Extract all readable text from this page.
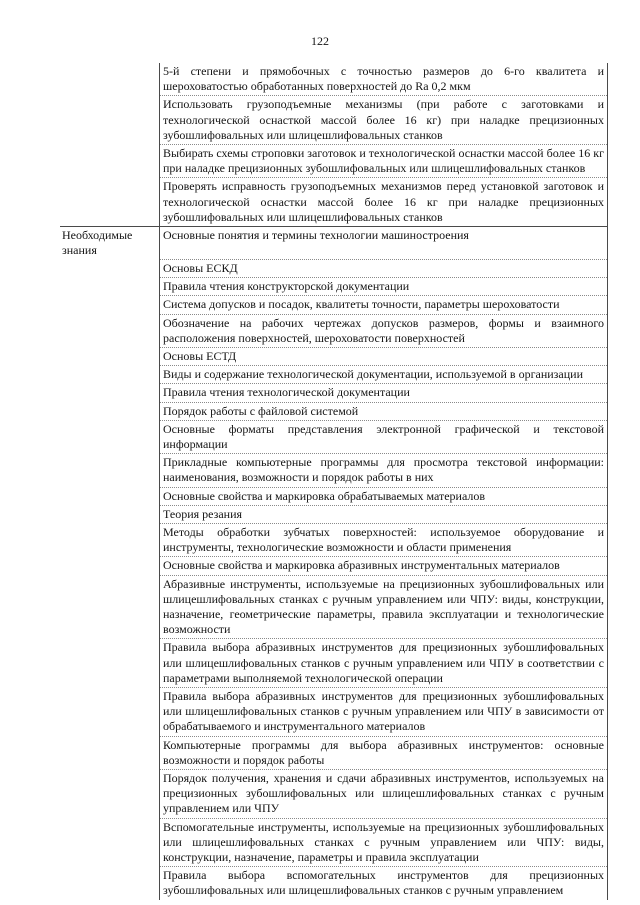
122
	5-й степени и прямобочных с точностью размеров до 6-го квалитета и шероховатостью обработанных поверхностей до Ra 0,2 мкм
	Использовать грузоподъемные механизмы (при работе с заготовками и технологической оснасткой массой более 16 кг) при наладке прецизионных зубошлифовальных или шлицешлифовальных станков
	Выбирать схемы строповки заготовок и технологической оснастки массой более 16 кг при наладке прецизионных зубошлифовальных или шлицешлифовальных станков
	Проверять исправность грузоподъемных механизмов перед установкой заготовок и технологической оснастки массой более 16 кг при наладке прецизионных зубошлифовальных или шлицешлифовальных станков
Необходимые знания	Основные понятия и термины технологии машиностроения
	Основы ЕСКД
	Правила чтения конструкторской документации
	Система допусков и посадок, квалитеты точности, параметры шероховатости
	Обозначение на рабочих чертежах допусков размеров, формы и взаимного расположения поверхностей, шероховатости поверхностей
	Основы ЕСТД
	Виды и содержание технологической документации, используемой в организации
	Правила чтения технологической документации
	Порядок работы с файловой системой
	Основные форматы представления электронной графической и текстовой информации
	Прикладные компьютерные программы для просмотра текстовой информации: наименования, возможности и порядок работы в них
	Основные свойства и маркировка обрабатываемых материалов
	Теория резания
	Методы обработки зубчатых поверхностей: используемое оборудование и инструменты, технологические возможности и области применения
	Основные свойства и маркировка абразивных инструментальных материалов
	Абразивные инструменты, используемые на прецизионных зубошлифовальных или шлицешлифовальных станках с ручным управлением или ЧПУ: виды, конструкции, назначение, геометрические параметры, правила эксплуатации и технологические возможности
	Правила выбора абразивных инструментов для прецизионных зубошлифовальных или шлицешлифовальных станков с ручным управлением или ЧПУ в соответствии с параметрами выполняемой технологической операции
	Правила выбора абразивных инструментов для прецизионных зубошлифовальных или шлицешлифовальных станков с ручным управлением или ЧПУ в зависимости от обрабатываемого и инструментального материалов
	Компьютерные программы для выбора абразивных инструментов: основные возможности и порядок работы
	Порядок получения, хранения и сдачи абразивных инструментов, используемых на прецизионных зубошлифовальных или шлицешлифовальных станках с ручным управлением или ЧПУ
	Вспомогательные инструменты, используемые на прецизионных зубошлифовальных или шлицешлифовальных станках с ручным управлением или ЧПУ: виды, конструкции, назначение, параметры и правила эксплуатации
	Правила выбора вспомогательных инструментов для прецизионных зубошлифовальных или шлицешлифовальных станков с ручным управлением
